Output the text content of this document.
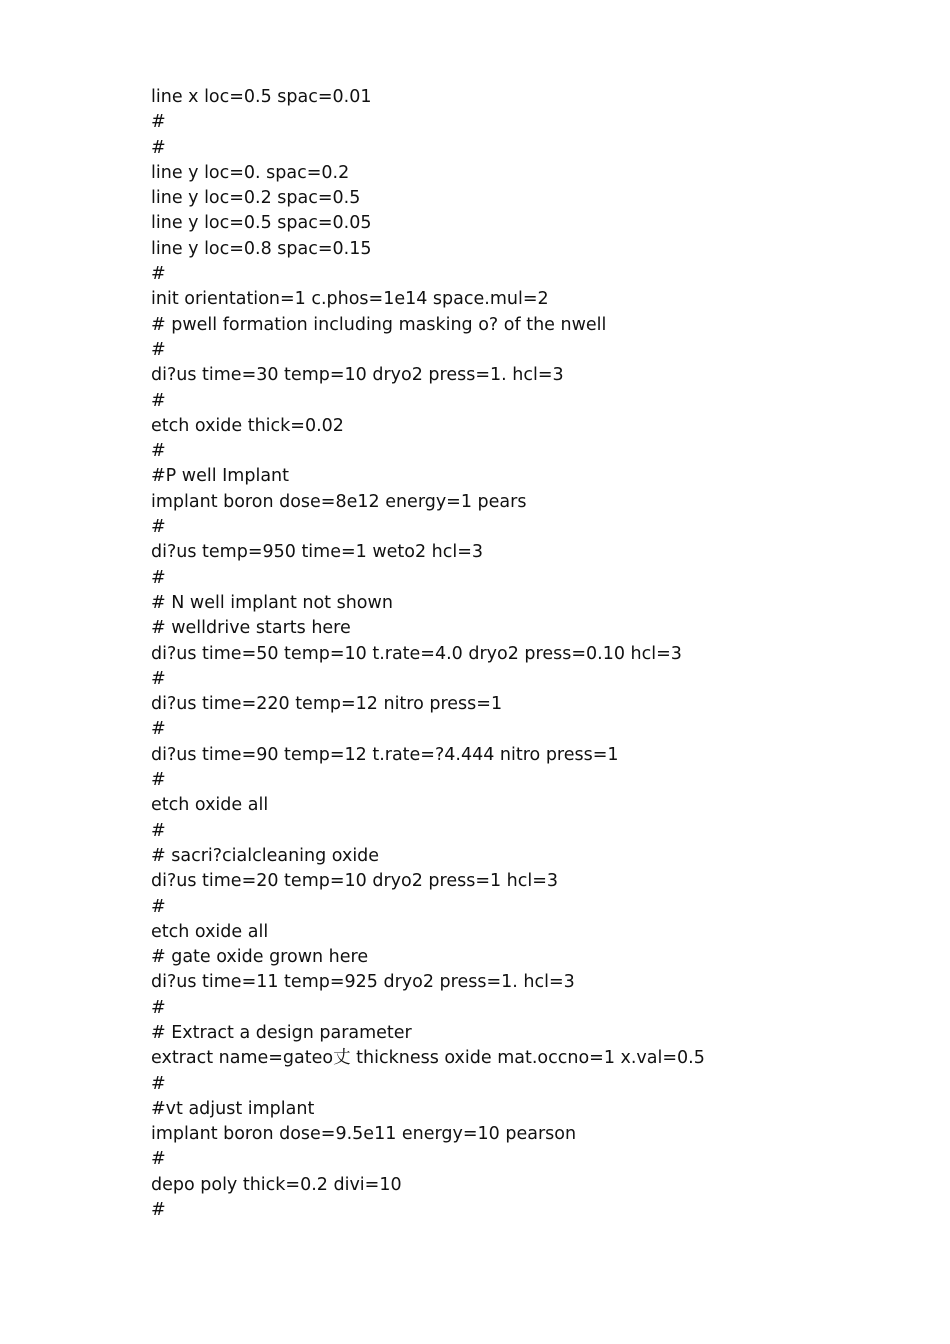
line x loc=0.5 spac=0.01
#
#
line y loc=0. spac=0.2
line y loc=0.2 spac=0.5
line y loc=0.5 spac=0.05
line y loc=0.8 spac=0.15
#
init orientation=1 c.phos=1e14 space.mul=2
# pwell formation including masking o? of the nwell
#
di?us time=30 temp=10 dryo2 press=1. hcl=3
#
etch oxide thick=0.02
#
#P well Implant
implant boron dose=8e12 energy=1 pears
#
di?us temp=950 time=1 weto2 hcl=3
#
# N well implant not shown
# welldrive starts here
di?us time=50 temp=10 t.rate=4.0 dryo2 press=0.10 hcl=3
#
di?us time=220 temp=12 nitro press=1
#
di?us time=90 temp=12 t.rate=?4.444 nitro press=1
#
etch oxide all
#
# sacri?cialcleaning oxide
di?us time=20 temp=10 dryo2 press=1 hcl=3
#
etch oxide all
# gate oxide grown here
di?us time=11 temp=925 dryo2 press=1. hcl=3
#
# Extract a design parameter
extract name=gateo丈 thickness oxide mat.occno=1 x.val=0.5
#
#vt adjust implant
implant boron dose=9.5e11 energy=10 pearson
#
depo poly thick=0.2 divi=10
#
